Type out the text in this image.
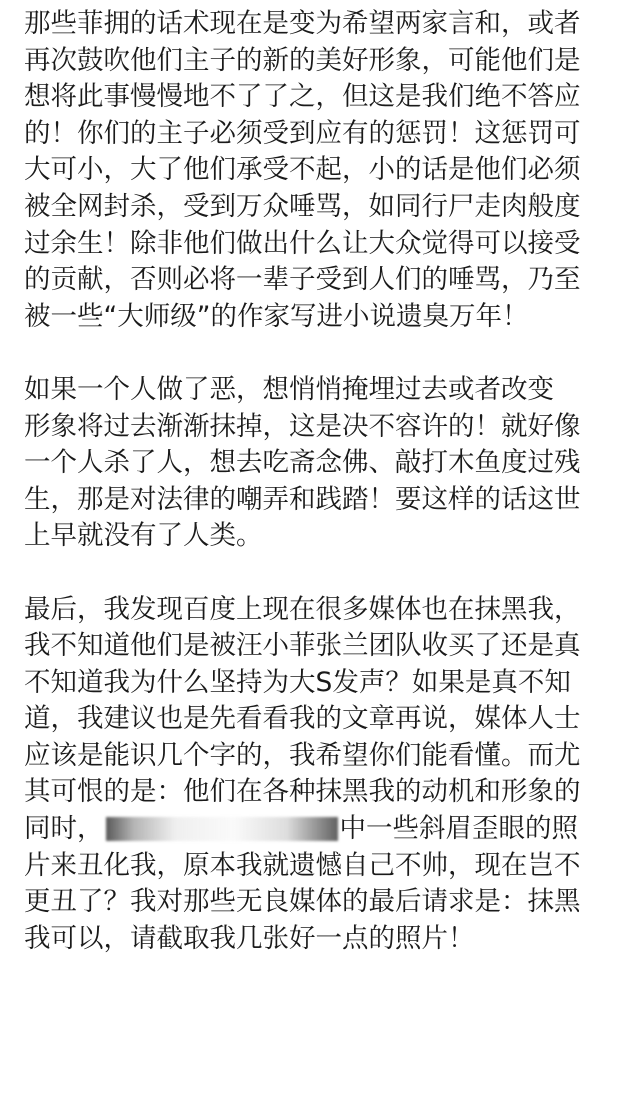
那些菲拥的话术现在是变为希望两家言和，或者
再次鼓吹他们主子的新的美好形象，可能他们是
想将此事慢慢地不了了之，但这是我们绝不答应
的！你们的主子必须受到应有的惩罚！这惩罚可
大可小，大了他们承受不起，小的话是他们必须
被全网封杀，受到万众唾骂，如同行尸走肉般度
过余生！除非他们做出什么让大众觉得可以接受
的贡献，否则必将一辈子受到人们的唾骂，乃至
被一些“大师级”的作家写进小说遗臭万年！
如果一个人做了恶，想悄悄掩埋过去或者改变
形象将过去渐渐抹掉，这是决不容许的！就好像
一个人杀了人，想去吃斋念佛、敲打木鱼度过残
生，那是对法律的嘲弄和践踏！要这样的话这世
上早就没有了人类。
最后，我发现百度上现在很多媒体也在抹黑我，
我不知道他们是被汪小菲张兰团队收买了还是真
不知道我为什么坚持为大S发声？如果是真不知
道，我建议也是先看看我的文章再说，媒体人士
应该是能识几个字的，我希望你们能看懂。而尤
其可恨的是：他们在各种抹黑我的动机和形象的
同时，	中一些斜眉歪眼的照
片来丑化我，原本我就遗憾自己不帅，现在岂不
更丑了？我对那些无良媒体的最后请求是：抹黑
我可以，请截取我几张好一点的照片！
